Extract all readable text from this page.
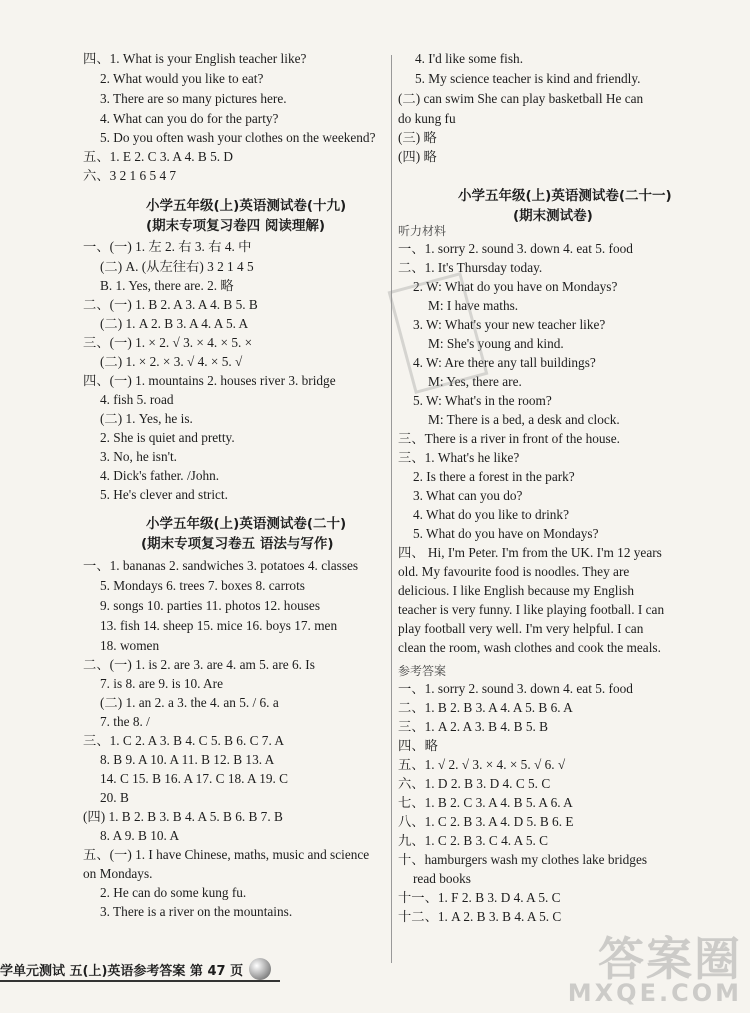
小学五年级(上)英语测试卷(十九)
(期末专项复习卷四 阅读理解)
小学五年级(上)英语测试卷(二十)
(期末专项复习卷五 语法与写作)
四、1. What is your English teacher like?
2. What would you like to eat?
3. There are so many pictures here.
4. What can you do for the party?
5. Do you often wash your clothes on the weekend?
五、1. E 2. C 3. A 4. B 5. D
六、3 2 1 6 5 4 7
一、(一) 1. 左 2. 右 3. 右 4. 中
(二) A. (从左往右) 3 2 1 4 5
B. 1. Yes, there are. 2. 略
二、(一) 1. B 2. A 3. A 4. B 5. B
(二) 1. A 2. B 3. A 4. A 5. A
三、(一) 1. × 2. √ 3. × 4. × 5. ×
(二) 1. × 2. × 3. √ 4. × 5. √
四、(一) 1. mountains 2. houses river 3. bridge
4. fish 5. road
(二) 1. Yes, he is.
2. She is quiet and pretty.
3. No, he isn't.
4. Dick's father. /John.
5. He's clever and strict.
一、1. bananas 2. sandwiches 3. potatoes 4. classes
5. Mondays 6. trees 7. boxes 8. carrots
9. songs 10. parties 11. photos 12. houses
13. fish 14. sheep 15. mice 16. boys 17. men
18. women
二、(一) 1. is 2. are 3. are 4. am 5. are 6. Is
7. is 8. are 9. is 10. Are
(二) 1. an 2. a 3. the 4. an 5. / 6. a
7. the 8. /
三、1. C 2. A 3. B 4. C 5. B 6. C 7. A
8. B 9. A 10. A 11. B 12. B 13. A
14. C 15. B 16. A 17. C 18. A 19. C
20. B
(四) 1. B 2. B 3. B 4. A 5. B 6. B 7. B
8. A 9. B 10. A
五、(一) 1. I have Chinese, maths, music and science
on Mondays.
2. He can do some kung fu.
3. There is a river on the mountains.
小学五年级(上)英语测试卷(二十一)
(期末测试卷)
听力材料
参考答案
4. I'd like some fish.
5. My science teacher is kind and friendly.
(二) can swim She can play basketball He can
do kung fu
(三) 略
(四) 略
一、1. sorry 2. sound 3. down 4. eat 5. food
二、1. It's Thursday today.
2. W: What do you have on Mondays?
M: I have maths.
3. W: What's your new teacher like?
M: She's young and kind.
4. W: Are there any tall buildings?
M: Yes, there are.
5. W: What's in the room?
M: There is a bed, a desk and clock.
三、There is a river in front of the house.
三、1. What's he like?
2. Is there a forest in the park?
3. What can you do?
4. What do you like to drink?
5. What do you have on Mondays?
四、 Hi, I'm Peter. I'm from the UK. I'm 12 years
old. My favourite food is noodles. They are
delicious. I like English because my English
teacher is very funny. I like playing football. I can
play football very well. I'm very helpful. I can
clean the room, wash clothes and cook the meals.
一、1. sorry 2. sound 3. down 4. eat 5. food
二、1. B 2. B 3. A 4. A 5. B 6. A
三、1. A 2. A 3. B 4. B 5. B
四、略
五、1. √ 2. √ 3. × 4. × 5. √ 6. √
六、1. D 2. B 3. D 4. C 5. C
七、1. B 2. C 3. A 4. B 5. A 6. A
八、1. C 2. B 3. A 4. D 5. B 6. E
九、1. C 2. B 3. C 4. A 5. C
十、hamburgers wash my clothes lake bridges
read books
十一、1. F 2. B 3. D 4. A 5. C
十二、1. A 2. B 3. B 4. A 5. C
学单元测试 五(上)英语参考答案 第 47 页	答案圈
MXQE.COM
